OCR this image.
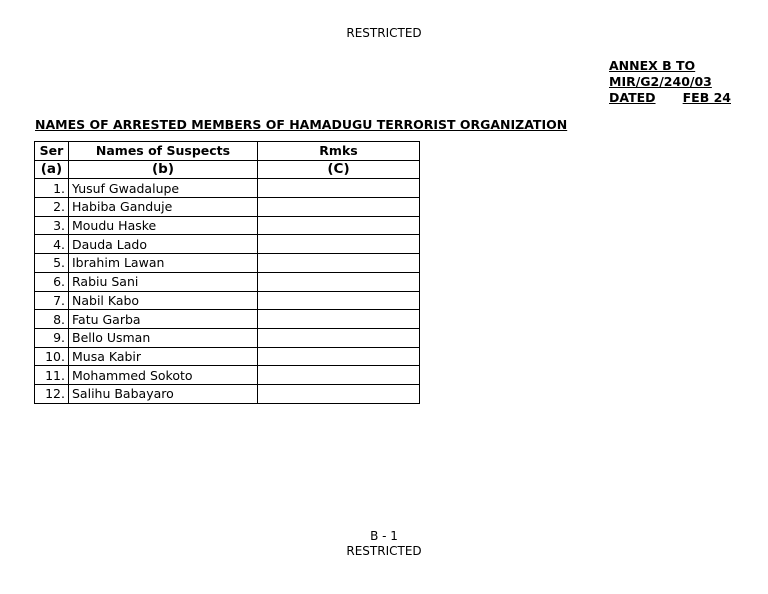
RESTRICTED
ANNEX B TO
MIR/G2/240/03
DATED FEB 24
NAMES OF ARRESTED MEMBERS OF HAMADUGU TERRORIST ORGANIZATION
Ser	Names of Suspects	Rmks
(a)	(b)	(C)
1.	Yusuf Gwadalupe	
2.	Habiba Ganduje	
3.	Moudu Haske	
4.	Dauda Lado	
5.	Ibrahim Lawan	
6.	Rabiu Sani	
7.	Nabil Kabo	
8.	Fatu Garba	
9.	Bello Usman	
10.	Musa Kabir	
11.	Mohammed Sokoto	
12.	Salihu Babayaro	
B - 1
RESTRICTED
